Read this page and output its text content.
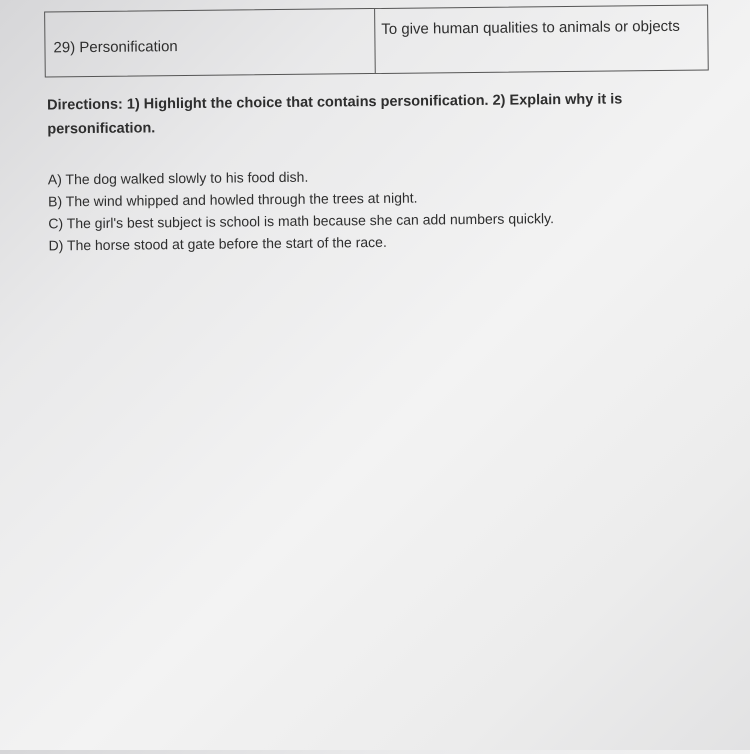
29) Personification
To give human qualities to animals or objects
Directions: 1) Highlight the choice that contains personification. 2) Explain why it is personification.
A) The dog walked slowly to his food dish.
B) The wind whipped and howled through the trees at night.
C) The girl's best subject is school is math because she can add numbers quickly.
D) The horse stood at gate before the start of the race.
